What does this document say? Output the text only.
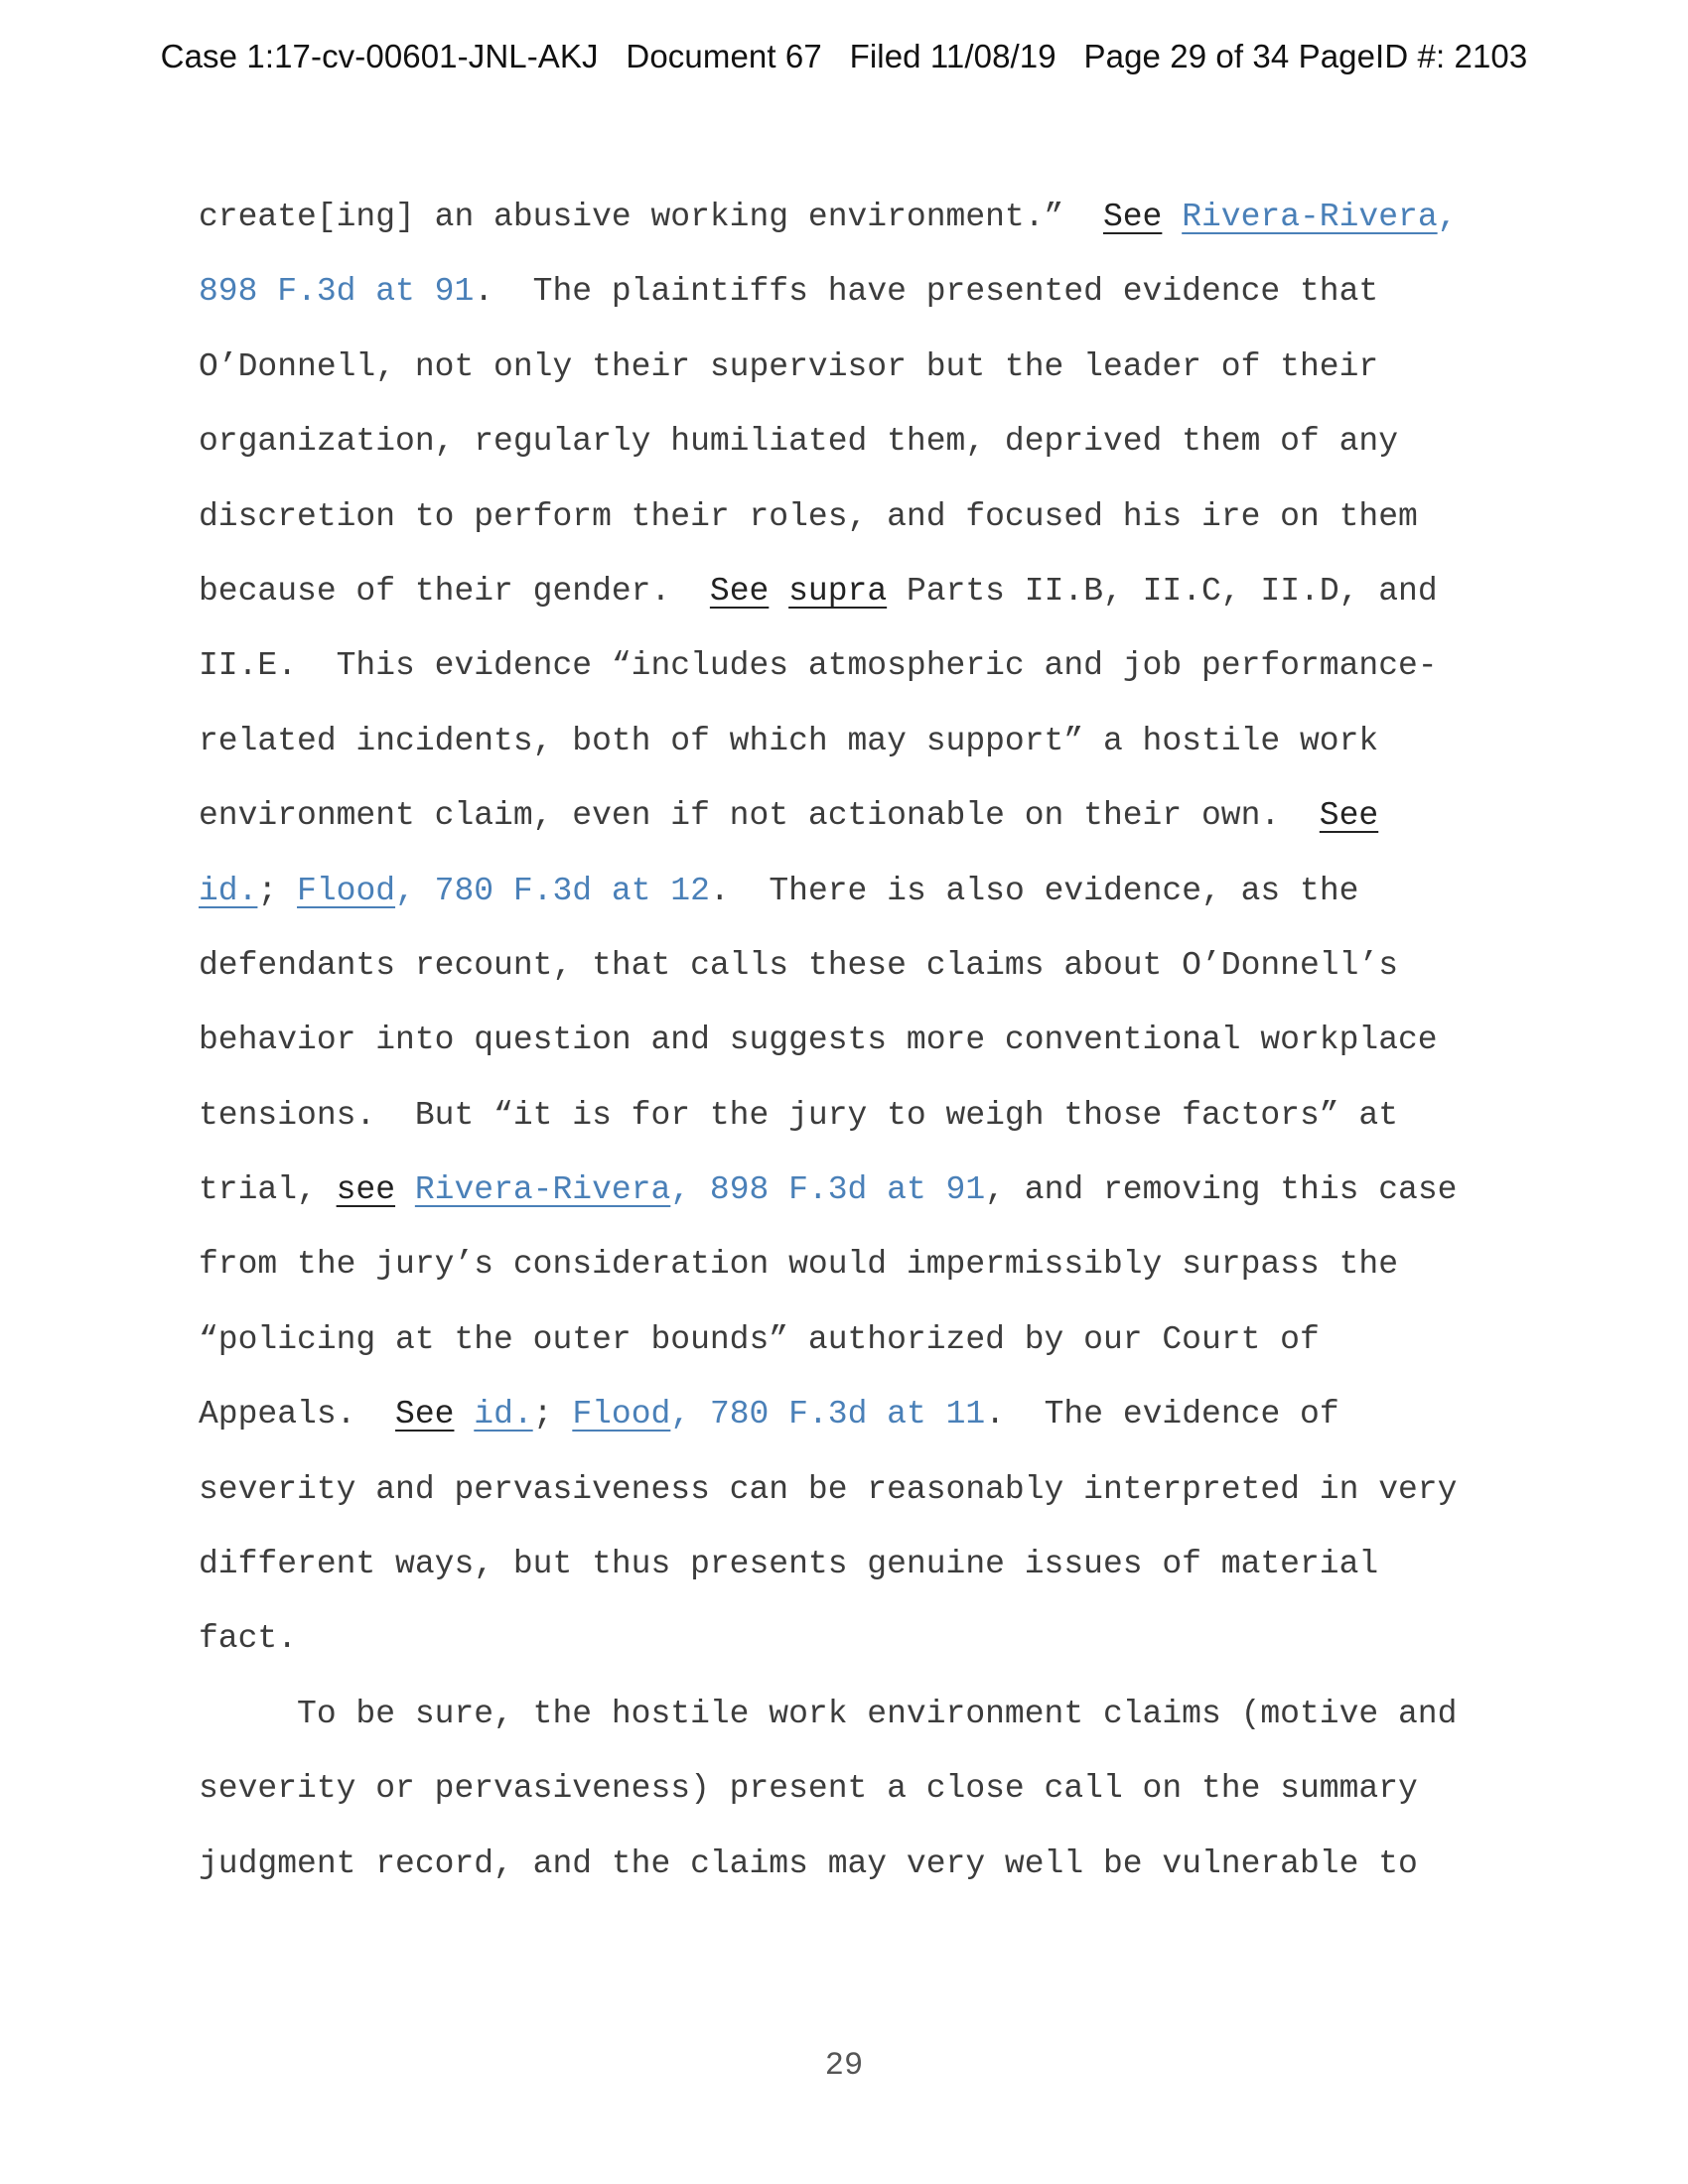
Case 1:17-cv-00601-JNL-AKJ   Document 67   Filed 11/08/19   Page 29 of 34 PageID #: 2103
create[ing] an abusive working environment.”  See Rivera-Rivera,
898 F.3d at 91.  The plaintiffs have presented evidence that
O’Donnell, not only their supervisor but the leader of their
organization, regularly humiliated them, deprived them of any
discretion to perform their roles, and focused his ire on them
because of their gender.  See supra Parts II.B, II.C, II.D, and
II.E.  This evidence “includes atmospheric and job performance-
related incidents, both of which may support” a hostile work
environment claim, even if not actionable on their own.  See
id.; Flood, 780 F.3d at 12.  There is also evidence, as the
defendants recount, that calls these claims about O’Donnell’s
behavior into question and suggests more conventional workplace
tensions.  But “it is for the jury to weigh those factors” at
trial, see Rivera-Rivera, 898 F.3d at 91, and removing this case
from the jury’s consideration would impermissibly surpass the
“policing at the outer bounds” authorized by our Court of
Appeals.  See id.; Flood, 780 F.3d at 11.  The evidence of
severity and pervasiveness can be reasonably interpreted in very
different ways, but thus presents genuine issues of material
fact.
To be sure, the hostile work environment claims (motive and
severity or pervasiveness) present a close call on the summary
judgment record, and the claims may very well be vulnerable to
29
